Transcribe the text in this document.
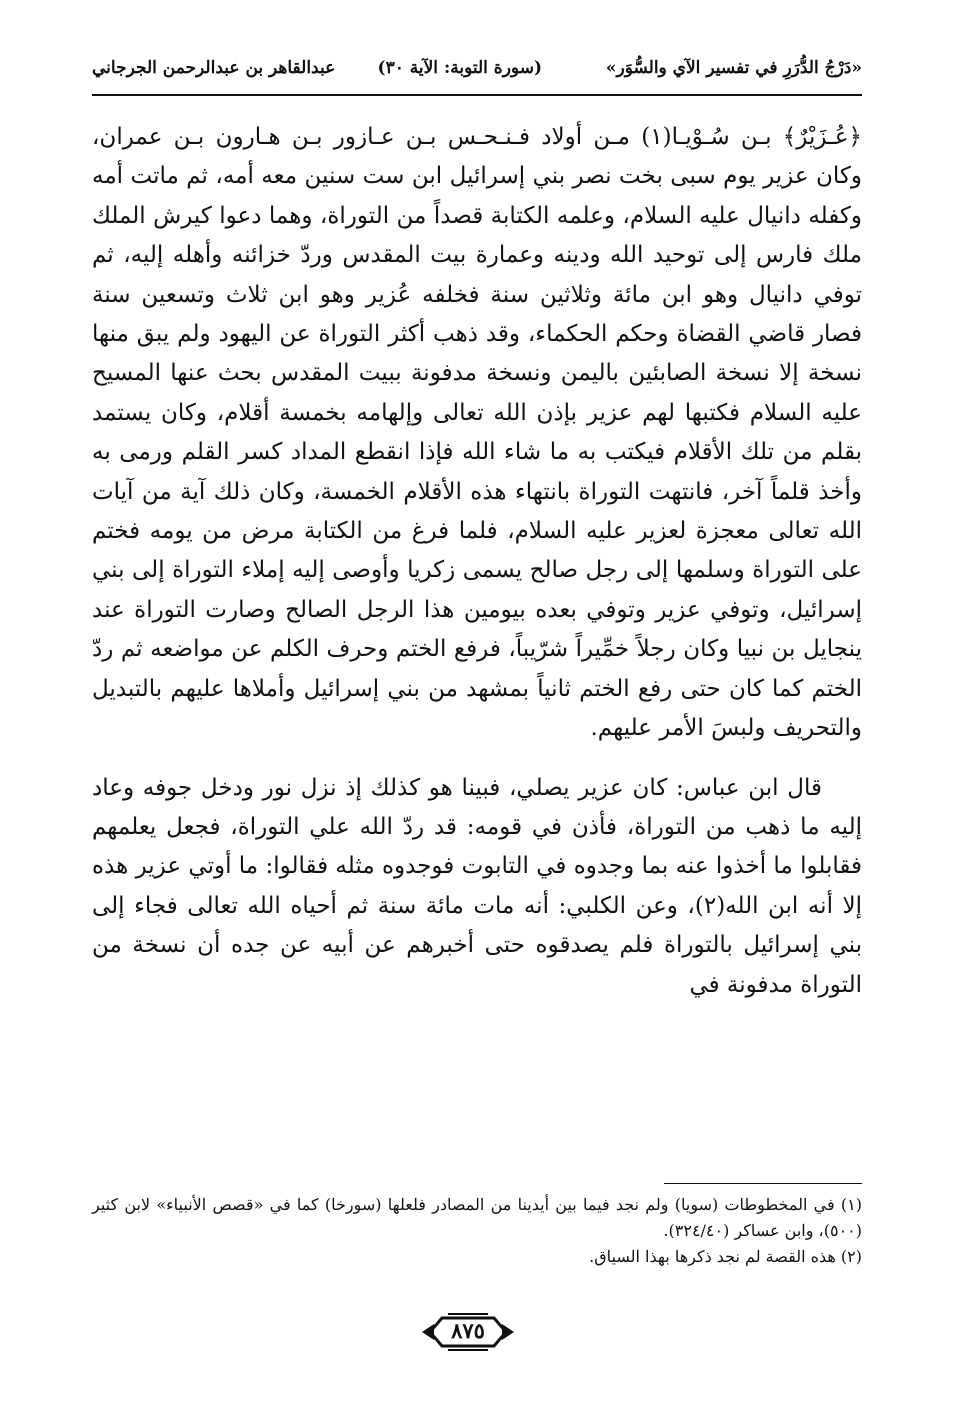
«دَرْجُ الدُّرَرِ في تفسير الآي والسُّوَر»
(سورة التوبة: الآية ٣٠)
عبدالقاهر بن عبدالرحمن الجرجاني

﴿عُـزَيْرٌ﴾ بـن سُـوْيـا(١) مـن أولاد فـنـحـس بـن عـازور بـن هـارون بـن عمران، وكان عزير يوم سبى بخت نصر بني إسرائيل ابن ست سنين معه أمه، ثم ماتت أمه وكفله دانيال عليه السلام، وعلمه الكتابة قصداً من التوراة، وهما دعوا كيرش الملك ملك فارس إلى توحيد الله ودينه وعمارة بيت المقدس وردّ خزائنه وأهله إليه، ثم توفي دانيال وهو ابن مائة وثلاثين سنة فخلفه عُزير وهو ابن ثلاث وتسعين سنة فصار قاضي القضاة وحكم الحكماء، وقد ذهب أكثر التوراة عن اليهود ولم يبق منها نسخة إلا نسخة الصابئين باليمن ونسخة مدفونة ببيت المقدس بحث عنها المسيح عليه السلام فكتبها لهم عزير بإذن الله تعالى وإلهامه بخمسة أقلام، وكان يستمد بقلم من تلك الأقلام فيكتب به ما شاء الله فإذا انقطع المداد كسر القلم ورمى به وأخذ قلماً آخر، فانتهت التوراة بانتهاء هذه الأقلام الخمسة، وكان ذلك آية من آيات الله تعالى معجزة لعزير عليه السلام، فلما فرغ من الكتابة مرض من يومه فختم على التوراة وسلمها إلى رجل صالح يسمى زكريا وأوصى إليه إملاء التوراة إلى بني إسرائيل، وتوفي عزير وتوفي بعده بيومين هذا الرجل الصالح وصارت التوراة عند ينجايل بن نبيا وكان رجلاً خمِّيراً شرّيباً، فرفع الختم وحرف الكلم عن مواضعه ثم ردّ الختم كما كان حتى رفع الختم ثانياً بمشهد من بني إسرائيل وأملاها عليهم بالتبديل والتحريف ولبسَ الأمر عليهم.

قال ابن عباس: كان عزير يصلي، فبينا هو كذلك إذ نزل نور ودخل جوفه وعاد إليه ما ذهب من التوراة، فأذن في قومه: قد ردّ الله علي التوراة، فجعل يعلمهم فقابلوا ما أخذوا عنه بما وجدوه في التابوت فوجدوه مثله فقالوا: ما أوتي عزير هذه إلا أنه ابن الله(٢)، وعن الكلبي: أنه مات مائة سنة ثم أحياه الله تعالى فجاء إلى بني إسرائيل بالتوراة فلم يصدقوه حتى أخبرهم عن أبيه عن جده أن نسخة من التوراة مدفونة في

(١) في المخطوطات (سويا) ولم نجد فيما بين أيدينا من المصادر فلعلها (سورخا) كما في «قصص الأنبياء» لابن كثير (٥٠٠)، وابن عساكر (٣٢٤/٤٠).

(٢) هذه القصة لم نجد ذكرها بهذا السياق.

٨٧٥
